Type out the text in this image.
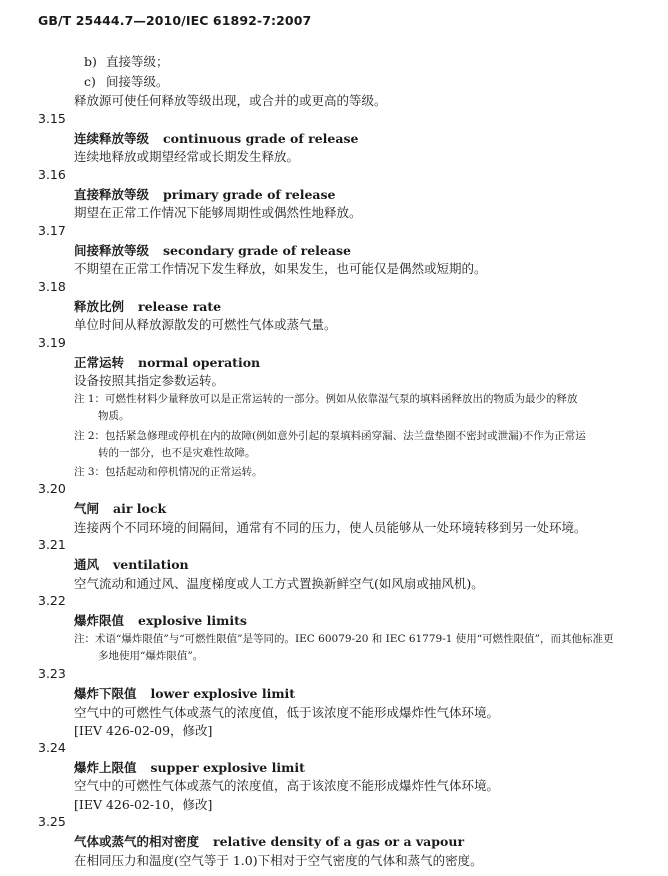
GB/T 25444.7—2010/IEC 61892-7:2007
b) 直接等级；
c) 间接等级。
释放源可使任何释放等级出现，或合并的或更高的等级。
3.15
连续释放等级 continuous grade of release
连续地释放或期望经常或长期发生释放。
3.16
直接释放等级 primary grade of release
期望在正常工作情况下能够周期性或偶然性地释放。
3.17
间接释放等级 secondary grade of release
不期望在正常工作情况下发生释放，如果发生，也可能仅是偶然或短期的。
3.18
释放比例 release rate
单位时间从释放源散发的可燃性气体或蒸气量。
3.19
正常运转 normal operation
设备按照其指定参数运转。
注 1：可燃性材料少量释放可以是正常运转的一部分。例如从依靠湿气泵的填料函释放出的物质为最少的释放
物质。
注 2：包括紧急修理或停机在内的故障(例如意外引起的泵填料函穿漏、法兰盘垫圈不密封或泄漏)不作为正常运
转的一部分，也不是灾难性故障。
注 3：包括起动和停机情况的正常运转。
3.20
气闸 air lock
连接两个不同环境的间隔间，通常有不同的压力，使人员能够从一处环境转移到另一处环境。
3.21
通风 ventilation
空气流动和通过风、温度梯度或人工方式置换新鲜空气(如风扇或抽风机)。
3.22
爆炸限值 explosive limits
注：术语“爆炸限值”与“可燃性限值”是等同的。IEC 60079-20 和 IEC 61779-1 使用“可燃性限值”，而其他标准更
多地使用“爆炸限值”。
3.23
爆炸下限值 lower explosive limit
空气中的可燃性气体或蒸气的浓度值，低于该浓度不能形成爆炸性气体环境。
[IEV 426-02-09，修改]
3.24
爆炸上限值 supper explosive limit
空气中的可燃性气体或蒸气的浓度值，高于该浓度不能形成爆炸性气体环境。
[IEV 426-02-10，修改]
3.25
气体或蒸气的相对密度 relative density of a gas or a vapour
在相同压力和温度(空气等于 1.0)下相对于空气密度的气体和蒸气的密度。
